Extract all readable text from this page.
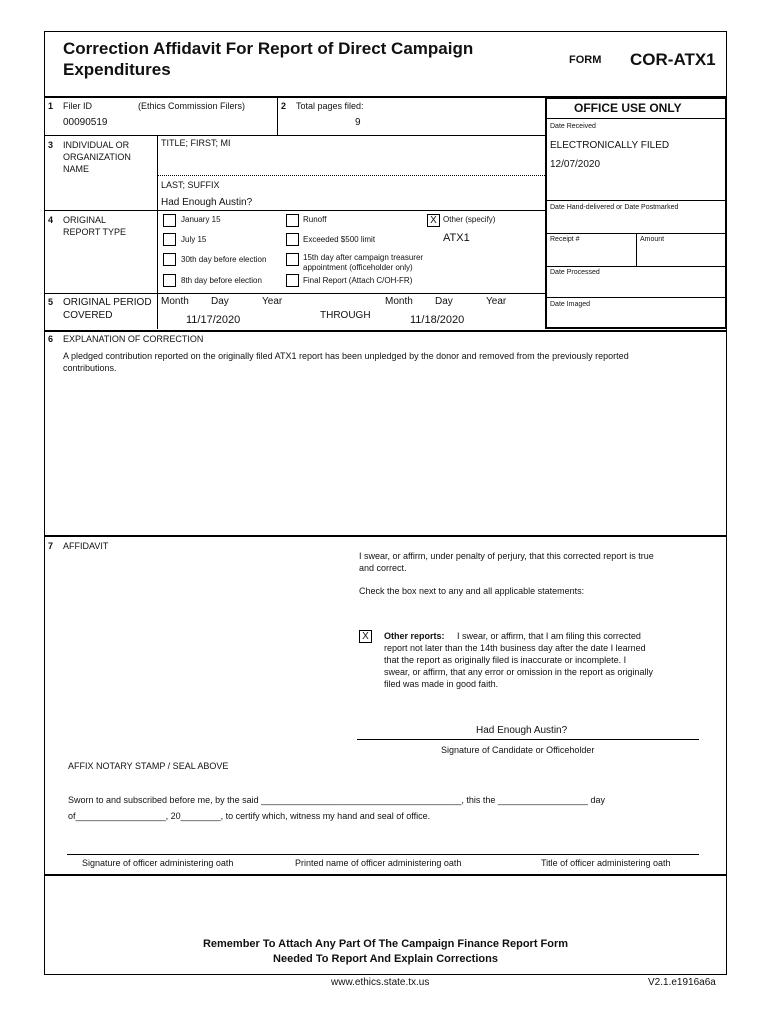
Correction Affidavit For Report of Direct Campaign
Expenditures	FORM COR-ATX1
1 Filer ID	(Ethics Commission Filers)
00090519
2 Total pages filed:
9
3 INDIVIDUAL OR
ORGANIZATION
NAME
TITLE; FIRST; MI
LAST; SUFFIX
Had Enough Austin?
4 ORIGINAL
REPORT TYPE
January 15
July 15
30th day before election
8th day before election
Runoff
Exceeded $500 limit
15th day after campaign treasurer
appointment (officeholder only)
Final Report (Attach C/OH-FR)
X Other (specify)
ATX1
5 ORIGINAL PERIOD
COVERED
Month Day	Year
11/17/2020	THROUGH
Month Day	Year
11/18/2020
OFFICE USE ONLY
Date Received
ELECTRONICALLY FILED
12/07/2020
Date Hand-delivered or Date Postmarked
Receipt #	Amount
Date Processed
Date Imaged
6 EXPLANATION OF CORRECTION
A pledged contribution reported on the originally filed ATX1 report has been unpledged by the donor and removed from the previously reported
contributions.
7 AFFIDAVIT
I swear, or affirm, under penalty of perjury, that this corrected report is true
and correct.
Check the box next to any and all applicable statements:
X	Other reports: I swear, or affirm, that I am filing this corrected
report not later than the 14th business day after the date I learned
that the report as originally filed is inaccurate or incomplete. I
swear, or affirm, that any error or omission in the report as originally
filed was made in good faith.
Had Enough Austin?
Signature of Candidate or Officeholder
AFFIX NOTARY STAMP / SEAL ABOVE
Sworn to and subscribed before me, by the said ________________________________________, this the __________________ day
of__________________, 20________, to certify which, witness my hand and seal of office.
Signature of officer administering oath	Printed name of officer administering oath	Title of officer administering oath
Remember To Attach Any Part Of The Campaign Finance Report Form
Needed To Report And Explain Corrections
www.ethics.state.tx.us	V2.1.e1916a6a
